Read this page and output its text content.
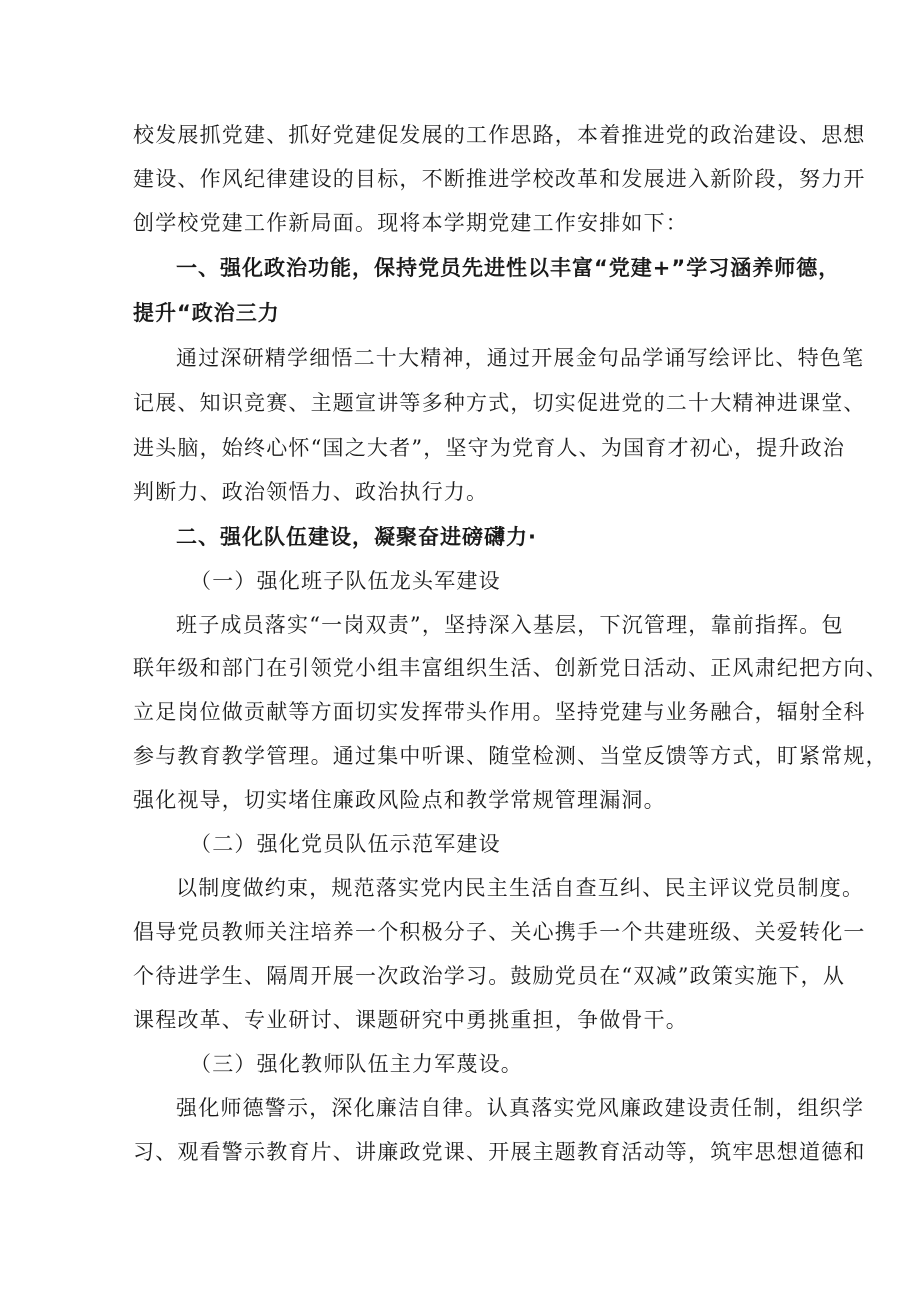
校发展抓党建、抓好党建促发展的工作思路，本着推进党的政治建设、思想
建设、作风纪律建设的目标，不断推进学校改革和发展进入新阶段，努力开
创学校党建工作新局面。现将本学期党建工作安排如下：
一、强化政治功能，保持党员先进性以丰富“党建+”学习涵养师德，
提升“政治三力
通过深研精学细悟二十大精神，通过开展金句品学诵写绘评比、特色笔
记展、知识竞赛、主题宣讲等多种方式，切实促进党的二十大精神进课堂、
进头脑，始终心怀“国之大者”，坚守为党育人、为国育才初心，提升政治
判断力、政治领悟力、政治执行力。
二、强化队伍建设，凝聚奋进磅礴力·
（一）强化班子队伍龙头军建设
班子成员落实“一岗双责”，坚持深入基层，下沉管理，靠前指挥。包
联年级和部门在引领党小组丰富组织生活、创新党日活动、正风肃纪把方向、
立足岗位做贡献等方面切实发挥带头作用。坚持党建与业务融合，辐射全科
参与教育教学管理。通过集中听课、随堂检测、当堂反馈等方式，盯紧常规，
强化视导，切实堵住廉政风险点和教学常规管理漏洞。
（二）强化党员队伍示范军建设
以制度做约束，规范落实党内民主生活自查互纠、民主评议党员制度。
倡导党员教师关注培养一个积极分子、关心携手一个共建班级、关爱转化一
个待进学生、隔周开展一次政治学习。鼓励党员在“双减”政策实施下，从
课程改革、专业研讨、课题研究中勇挑重担，争做骨干。
（三）强化教师队伍主力军蔑设。
强化师德警示，深化廉洁自律。认真落实党风廉政建设责任制，组织学
习、观看警示教育片、讲廉政党课、开展主题教育活动等，筑牢思想道德和
